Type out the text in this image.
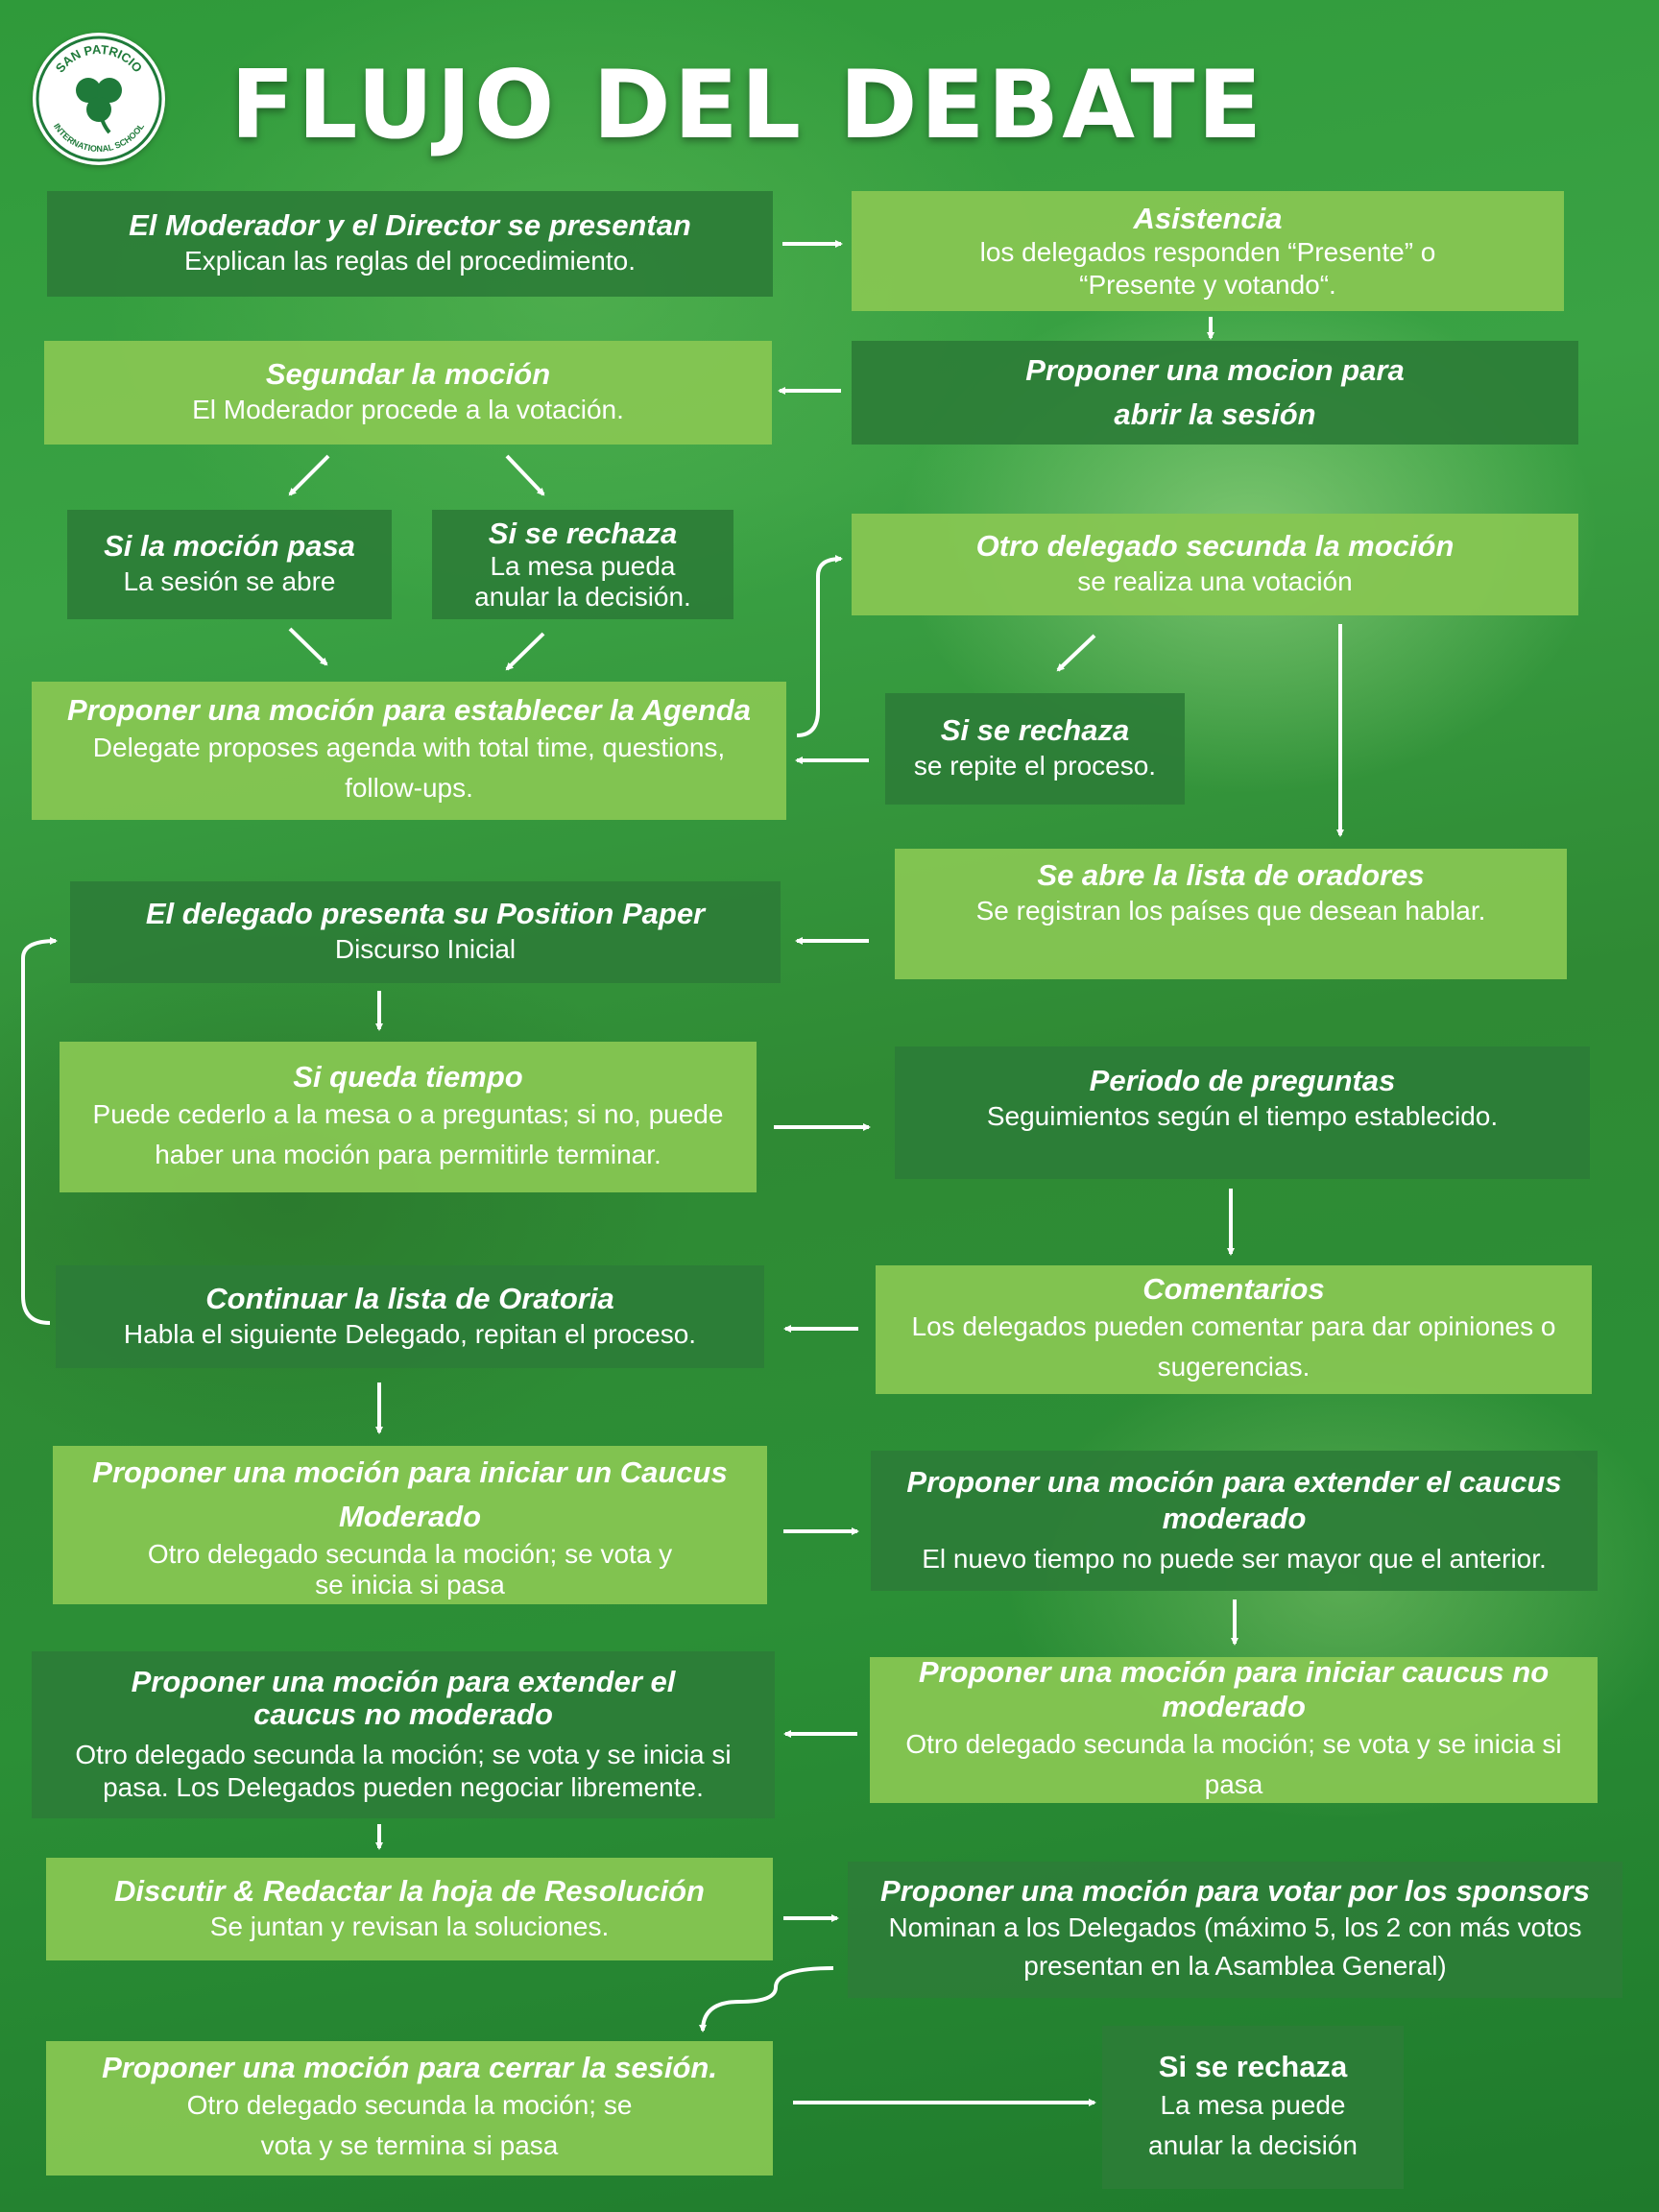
SAN PATRICIO
INTERNATIONAL SCHOOL FLUJO DEL DEBATE
El Moderador y el Director se presentan
Explican las reglas del procedimiento.
Asistencia
los delegados responden “Presente” o “Presente y votando“.
Segundar la moción
El Moderador procede a la votación.
Proponer una mocion para abrir la sesión
Si la moción pasa
La sesión se abre
Si se rechaza
La mesa pueda anular la decisión.
Otro delegado secunda la moción
se realiza una votación
Proponer una moción para establecer la Agenda
Delegate proposes agenda with total time, questions, follow-ups.
Si se rechaza
se repite el proceso.
Se abre la lista de oradores
Se registran los países que desean hablar.
El delegado presenta su Position Paper
Discurso Inicial
Si queda tiempo
Puede cederlo a la mesa o a preguntas; si no, puede haber una moción para permitirle terminar.
Periodo de preguntas
Seguimientos según el tiempo establecido.
Continuar la lista de Oratoria
Habla el siguiente Delegado, repitan el proceso.
Comentarios
Los delegados pueden comentar para dar opiniones o sugerencias.
Proponer una moción para iniciar un Caucus Moderado
Otro delegado secunda la moción; se vota y se inicia si pasa
Proponer una moción para extender el caucus moderado
El nuevo tiempo no puede ser mayor que el anterior.
Proponer una moción para extender el caucus no moderado
Otro delegado secunda la moción; se vota y se inicia si pasa. Los Delegados pueden negociar libremente.
Proponer una moción para iniciar caucus no moderado
Otro delegado secunda la moción; se vota y se inicia si pasa
Discutir & Redactar la hoja de Resolución
Se juntan y revisan la soluciones.
Proponer una moción para votar por los sponsors
Nominan a los Delegados (máximo 5, los 2 con más votos presentan en la Asamblea General)
Proponer una moción para cerrar la sesión.
Otro delegado secunda la moción; se vota y se termina si pasa
Si se rechaza
La mesa puede anular la decisión
